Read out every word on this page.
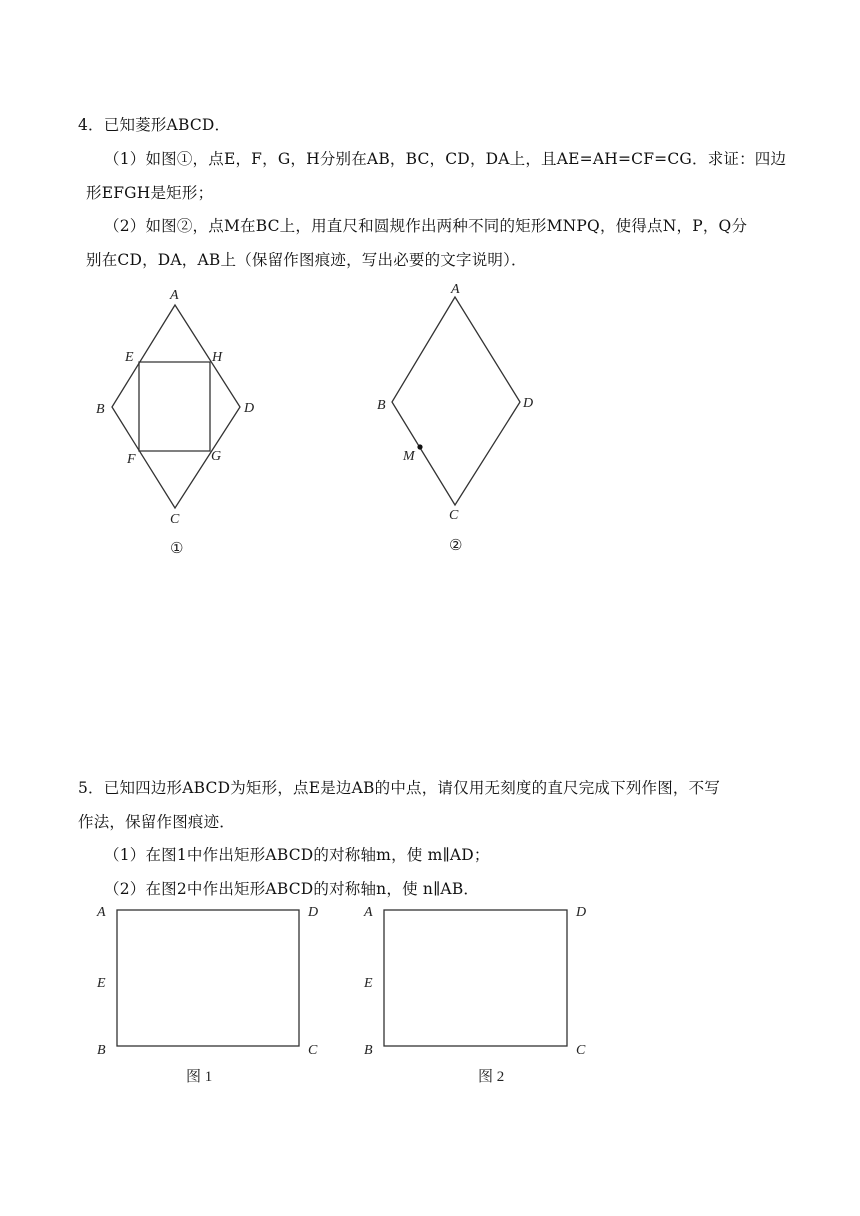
4．已知菱形ABCD．
（1）如图①，点E，F，G，H分别在AB，BC，CD，DA上，且AE=AH=CF=CG．求证：四边
形EFGH是矩形；
（2）如图②，点M在BC上，用直尺和圆规作出两种不同的矩形MNPQ，使得点N，P，Q分
别在CD，DA，AB上（保留作图痕迹，写出必要的文字说明）．
A
E	H
B	D
F	G
C
①
A
B	D
M
C
②
A	D
E
B	C
图 1
A	D
E
B	C
图 2
5．已知四边形ABCD为矩形，点E是边AB的中点，请仅用无刻度的直尺完成下列作图，不写
作法，保留作图痕迹．
（1）在图1中作出矩形ABCD的对称轴m，使 m∥AD；
（2）在图2中作出矩形ABCD的对称轴n，使 n∥AB．
